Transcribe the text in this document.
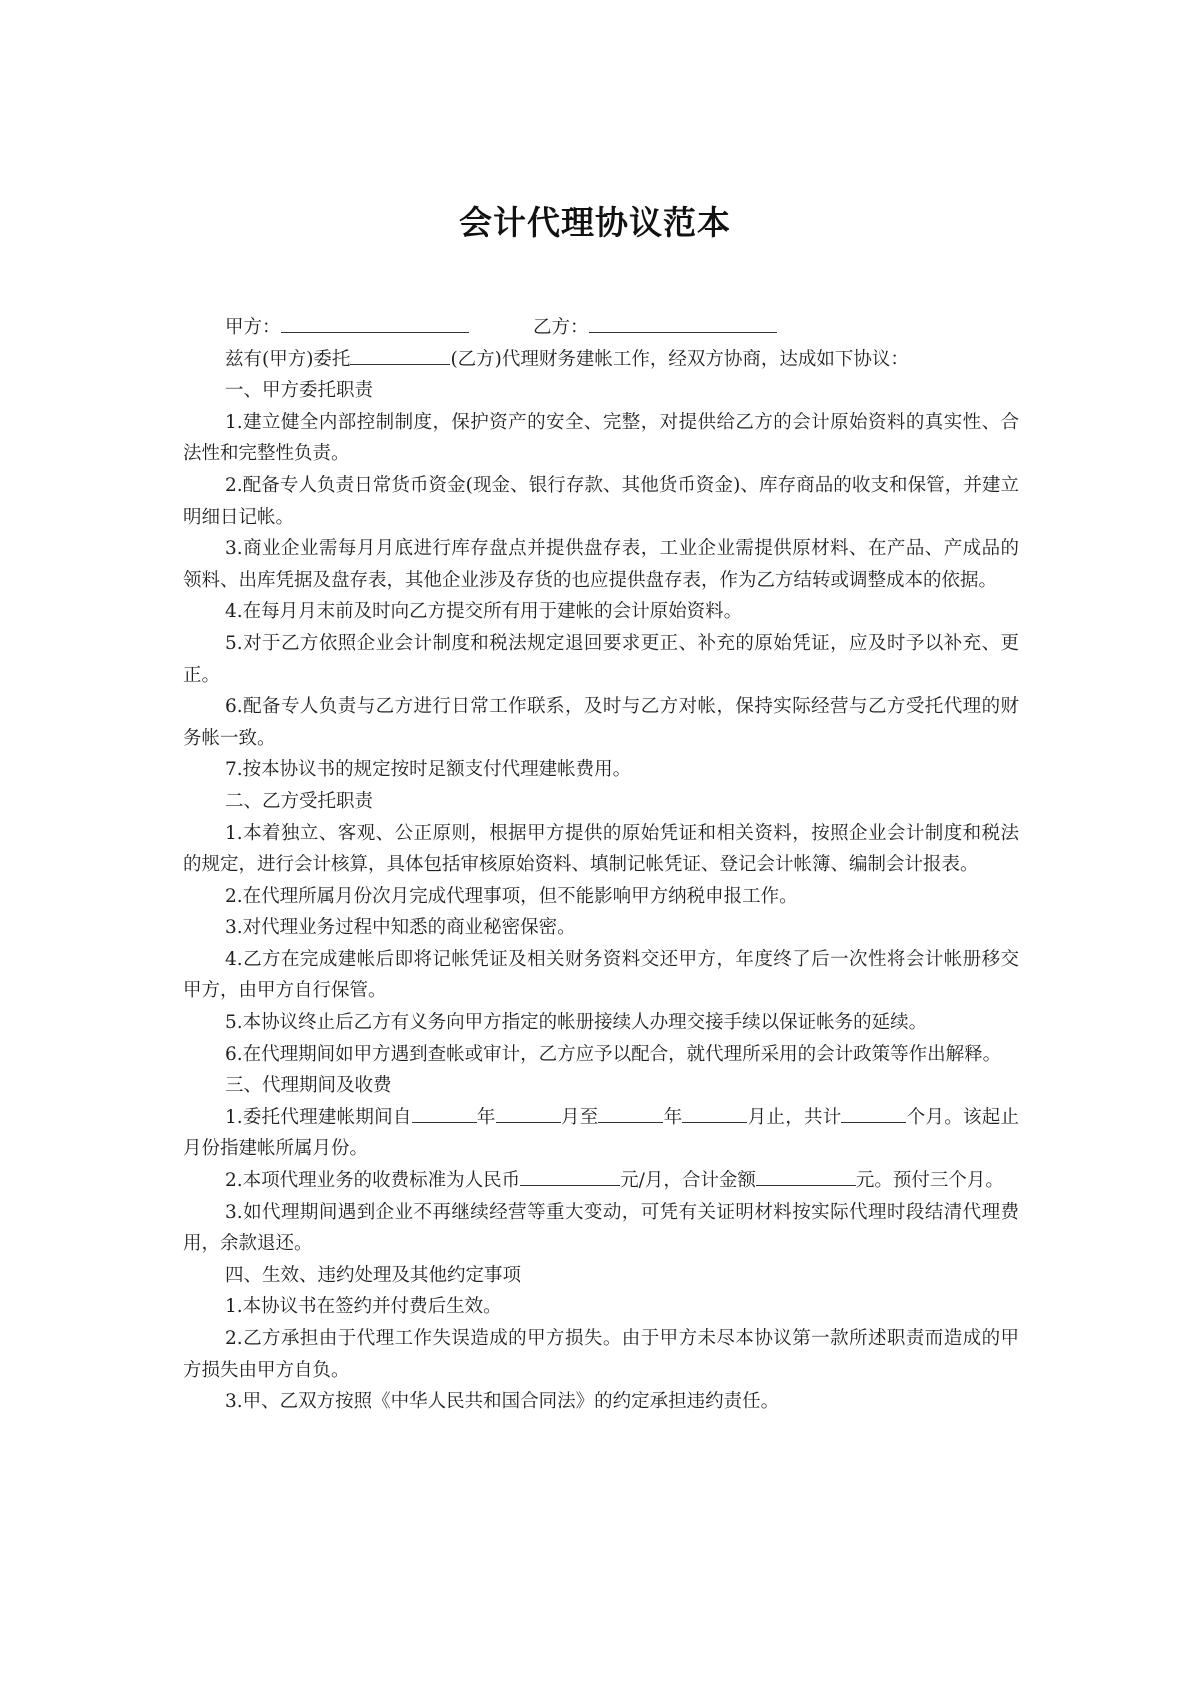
会计代理协议范本
甲方：	乙方：

兹有(甲方)委托	(乙方)代理财务建帐工作，经双方协商，达成如下协议：

一、甲方委托职责

1.建立健全内部控制制度，保护资产的安全、完整，对提供给乙方的会计原始资料的真实性、合法性和完整性负责。

2.配备专人负责日常货币资金(现金、银行存款、其他货币资金)、库存商品的收支和保管，并建立明细日记帐。

3.商业企业需每月月底进行库存盘点并提供盘存表，工业企业需提供原材料、在产品、产成品的领料、出库凭据及盘存表，其他企业涉及存货的也应提供盘存表，作为乙方结转或调整成本的依据。

4.在每月月末前及时向乙方提交所有用于建帐的会计原始资料。

5.对于乙方依照企业会计制度和税法规定退回要求更正、补充的原始凭证，应及时予以补充、更正。

6.配备专人负责与乙方进行日常工作联系，及时与乙方对帐，保持实际经营与乙方受托代理的财务帐一致。

7.按本协议书的规定按时足额支付代理建帐费用。

二、乙方受托职责

1.本着独立、客观、公正原则，根据甲方提供的原始凭证和相关资料，按照企业会计制度和税法的规定，进行会计核算，具体包括审核原始资料、填制记帐凭证、登记会计帐簿、编制会计报表。

2.在代理所属月份次月完成代理事项，但不能影响甲方纳税申报工作。

3.对代理业务过程中知悉的商业秘密保密。

4.乙方在完成建帐后即将记帐凭证及相关财务资料交还甲方，年度终了后一次性将会计帐册移交甲方，由甲方自行保管。

5.本协议终止后乙方有义务向甲方指定的帐册接续人办理交接手续以保证帐务的延续。

6.在代理期间如甲方遇到查帐或审计，乙方应予以配合，就代理所采用的会计政策等作出解释。

三、代理期间及收费

1.委托代理建帐期间自	年	月至	年	月止，共计	个月。该起止月份指建帐所属月份。

2.本项代理业务的收费标准为人民币	元/月，合计金额	元。预付三个月。

3.如代理期间遇到企业不再继续经营等重大变动，可凭有关证明材料按实际代理时段结清代理费用，余款退还。

四、生效、违约处理及其他约定事项

1.本协议书在签约并付费后生效。

2.乙方承担由于代理工作失误造成的甲方损失。由于甲方未尽本协议第一款所述职责而造成的甲方损失由甲方自负。

3.甲、乙双方按照《中华人民共和国合同法》的约定承担违约责任。
